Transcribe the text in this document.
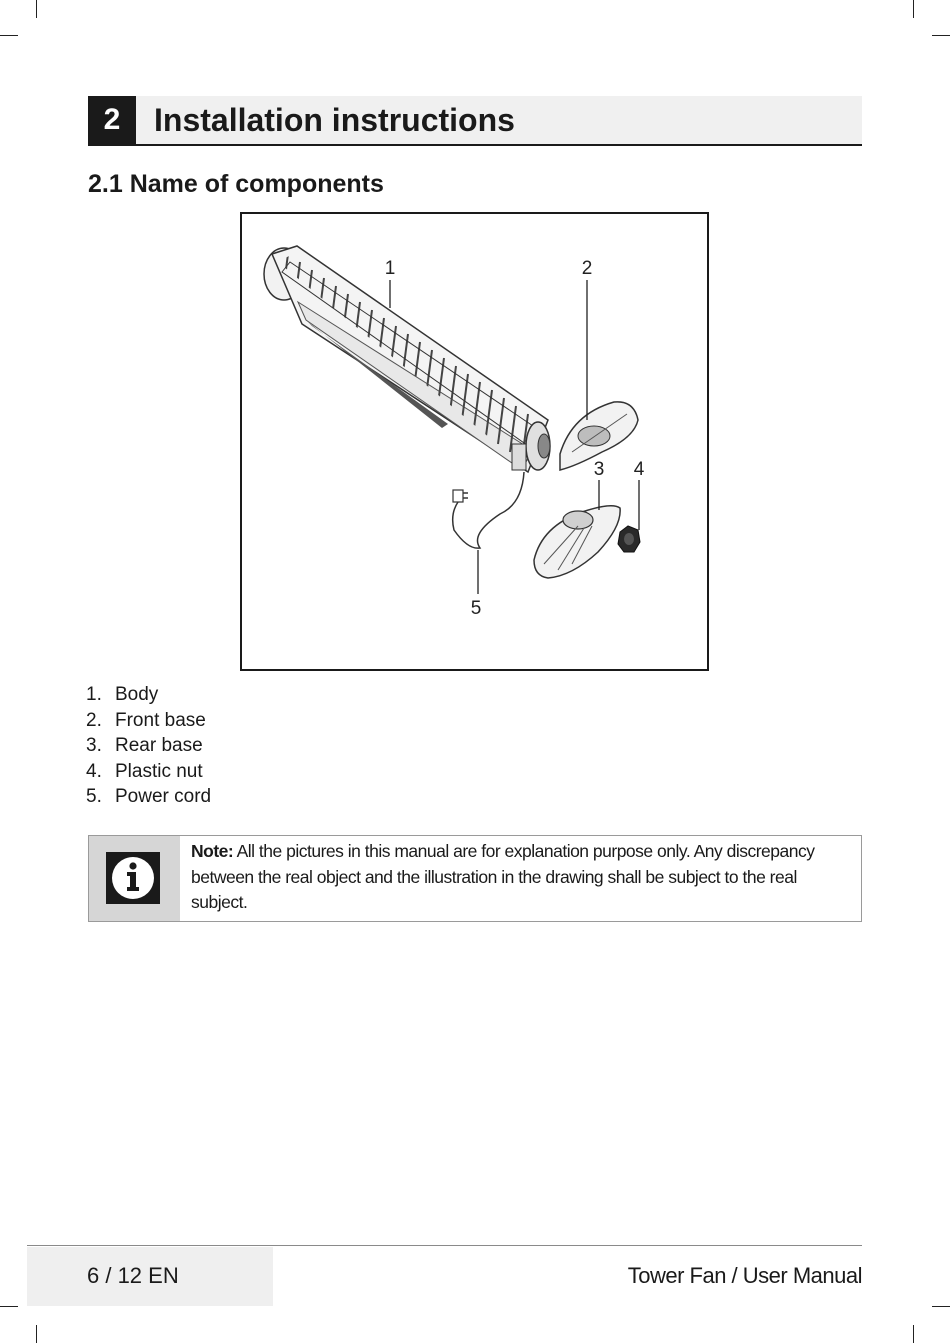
2	Installation instructions
2.1 Name of components
1	2
3 4
5
1. Body
2. Front base
3. Rear base
4. Plastic nut
5. Power cord
Note: All the pictures in this manual are for explanation purpose only. Any discrepancy between the real object and the illustration in the drawing shall be subject to the real subject.
6 / 12 EN	Tower Fan / User Manual
